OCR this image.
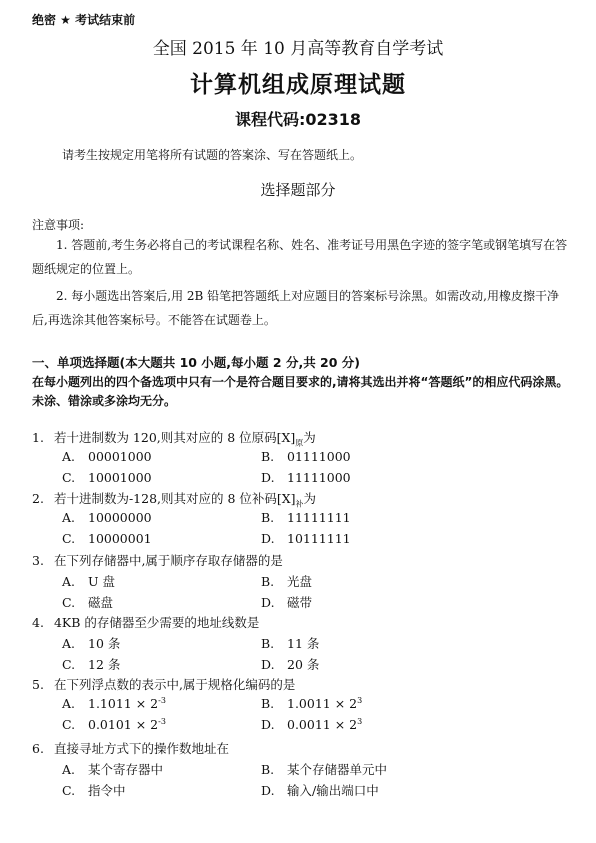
绝密 ★ 考试结束前
全国 2015 年 10 月高等教育自学考试
计算机组成原理试题
课程代码:02318
请考生按规定用笔将所有试题的答案涂、写在答题纸上。
选择题部分
注意事项:
1. 答题前,考生务必将自己的考试课程名称、姓名、准考证号用黑色字迹的签字笔或钢笔填写在答题纸规定的位置上。
2. 每小题选出答案后,用 2B 铅笔把答题纸上对应题目的答案标号涂黑。如需改动,用橡皮擦干净后,再选涂其他答案标号。不能答在试题卷上。
一、单项选择题(本大题共 10 小题,每小题 2 分,共 20 分)
在每小题列出的四个备选项中只有一个是符合题目要求的,请将其选出并将“答题纸”的相应代码涂黑。未涂、错涂或多涂均无分。
1. 若十进制数为 120,则其对应的 8 位原码$[X]_原$为
A. 00001000	B. 01111000
C. 10001000	D. 11111000
2. 若十进制数为-128,则其对应的 8 位补码$[X]_补$为
A. 10000000	B. 11111111
C. 10000001	D. 10111111
3. 在下列存储器中,属于顺序存取存储器的是
A. U 盘	B. 光盘
C. 磁盘	D. 磁带
4. 4KB 的存储器至少需要的地址线数是
A. 10 条	B. 11 条
C. 12 条	D. 20 条
5. 在下列浮点数的表示中,属于规格化编码的是
A. $1.1011 \times 2^{-3}$	B. $1.0011 \times 2^3$
C. $0.0101 \times 2^{-3}$	D. $0.0011 \times 2^3$
6. 直接寻址方式下的操作数地址在
A. 某个寄存器中	B. 某个存储器单元中
C. 指令中	D. 输入/输出端口中
